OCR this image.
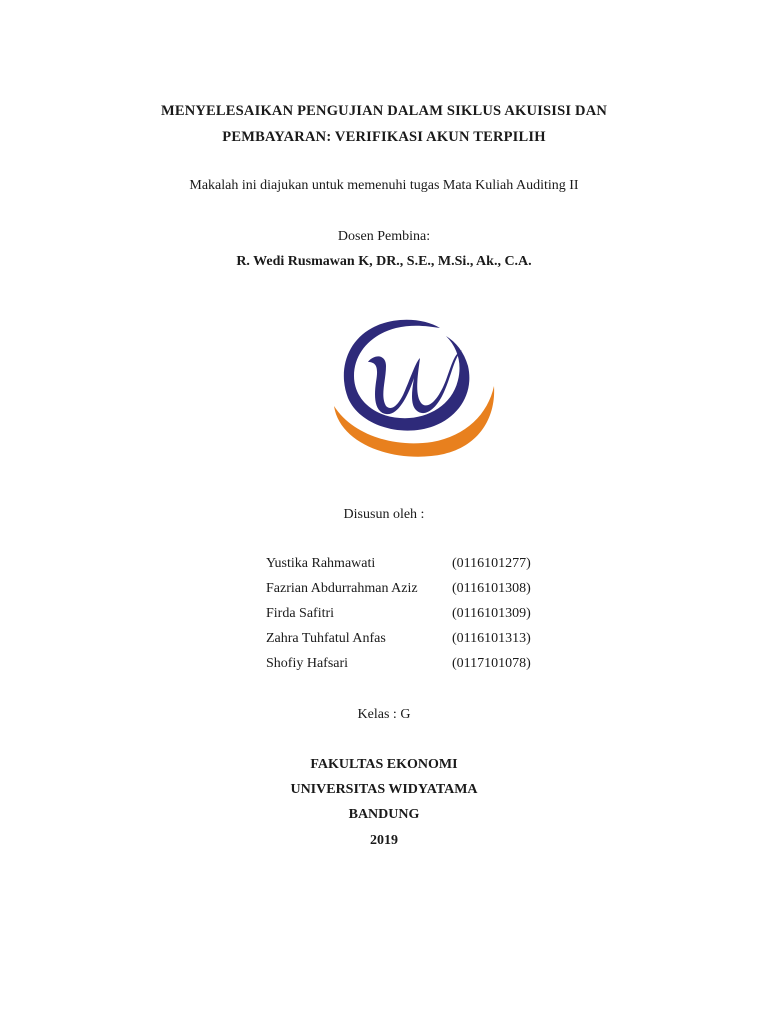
MENYELESAIKAN PENGUJIAN DALAM SIKLUS AKUISISI DAN
PEMBAYARAN: VERIFIKASI AKUN TERPILIH
Makalah ini diajukan untuk memenuhi tugas Mata Kuliah Auditing II
Dosen Pembina:
R. Wedi Rusmawan K, DR., S.E., M.Si., Ak., C.A.
Disusun oleh :
Yustika Rahmawati	(0116101277)
Fazrian Abdurrahman Aziz (0116101308)
Firda Safitri	(0116101309)
Zahra Tuhfatul Anfas	(0116101313)
Shofiy Hafsari	(0117101078)
Kelas : G
FAKULTAS EKONOMI
UNIVERSITAS WIDYATAMA
BANDUNG
2019
